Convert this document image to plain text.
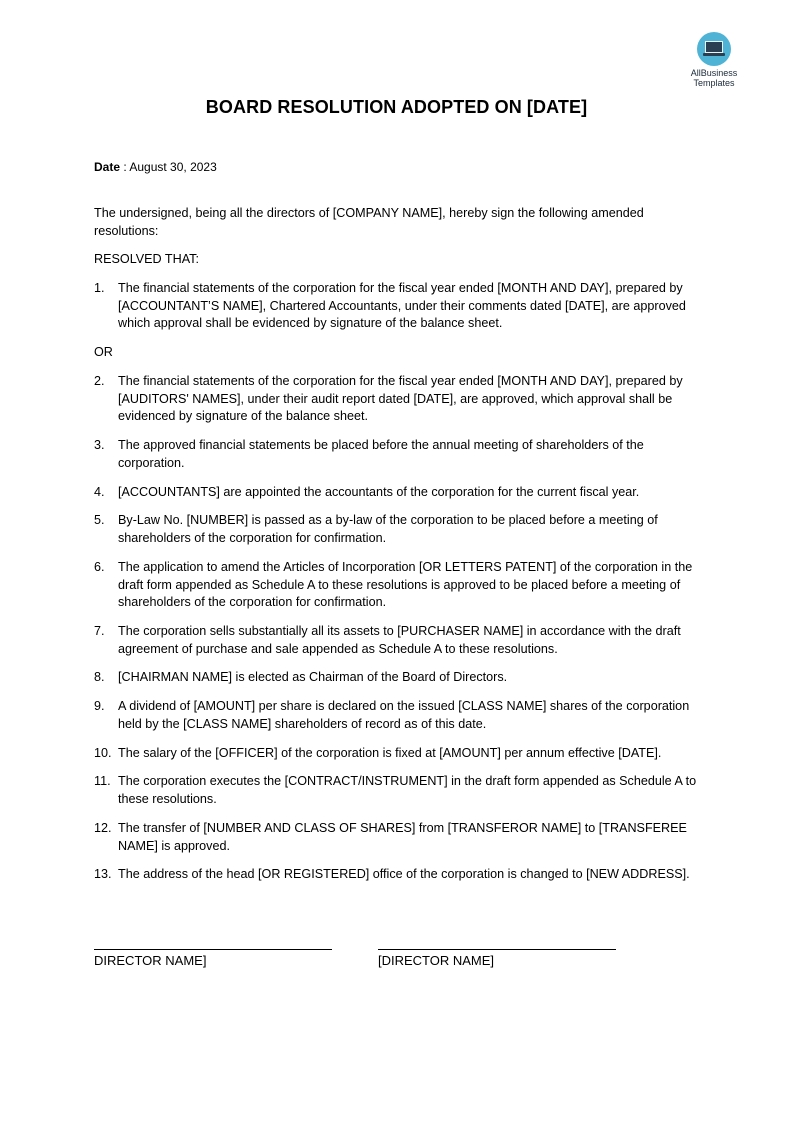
AllBusiness
Templates
BOARD RESOLUTION ADOPTED ON [DATE]
Date : August 30, 2023
The undersigned, being all the directors of [COMPANY NAME], hereby sign the following amended resolutions:
RESOLVED THAT:
1.	The financial statements of the corporation for the fiscal year ended [MONTH AND DAY], prepared by [ACCOUNTANT’S NAME], Chartered Accountants, under their comments dated [DATE], are approved which approval shall be evidenced by signature of the balance sheet.
OR
2.	The financial statements of the corporation for the fiscal year ended [MONTH AND DAY], prepared by [AUDITORS' NAMES], under their audit report dated [DATE], are approved, which approval shall be evidenced by signature of the balance sheet.
3.	The approved financial statements be placed before the annual meeting of shareholders of the corporation.
4.	[ACCOUNTANTS] are appointed the accountants of the corporation for the current fiscal year.
5.	By-Law No. [NUMBER] is passed as a by-law of the corporation to be placed before a meeting of shareholders of the corporation for confirmation.
6.	The application to amend the Articles of Incorporation [OR LETTERS PATENT] of the corporation in the draft form appended as Schedule A to these resolutions is approved to be placed before a meeting of shareholders of the corporation for confirmation.
7.	The corporation sells substantially all its assets to [PURCHASER NAME] in accordance with the draft agreement of purchase and sale appended as Schedule A to these resolutions.
8.	[CHAIRMAN NAME] is elected as Chairman of the Board of Directors.
9.	A dividend of [AMOUNT] per share is declared on the issued [CLASS NAME] shares of the corporation held by the [CLASS NAME] shareholders of record as of this date.
10. The salary of the [OFFICER] of the corporation is fixed at [AMOUNT] per annum effective [DATE].
11. The corporation executes the [CONTRACT/INSTRUMENT] in the draft form appended as Schedule A to these resolutions.
12. The transfer of [NUMBER AND CLASS OF SHARES] from [TRANSFEROR NAME] to [TRANSFEREE NAME] is approved.
13. The address of the head [OR REGISTERED] office of the corporation is changed to [NEW ADDRESS].
DIRECTOR NAME]	[DIRECTOR NAME]
